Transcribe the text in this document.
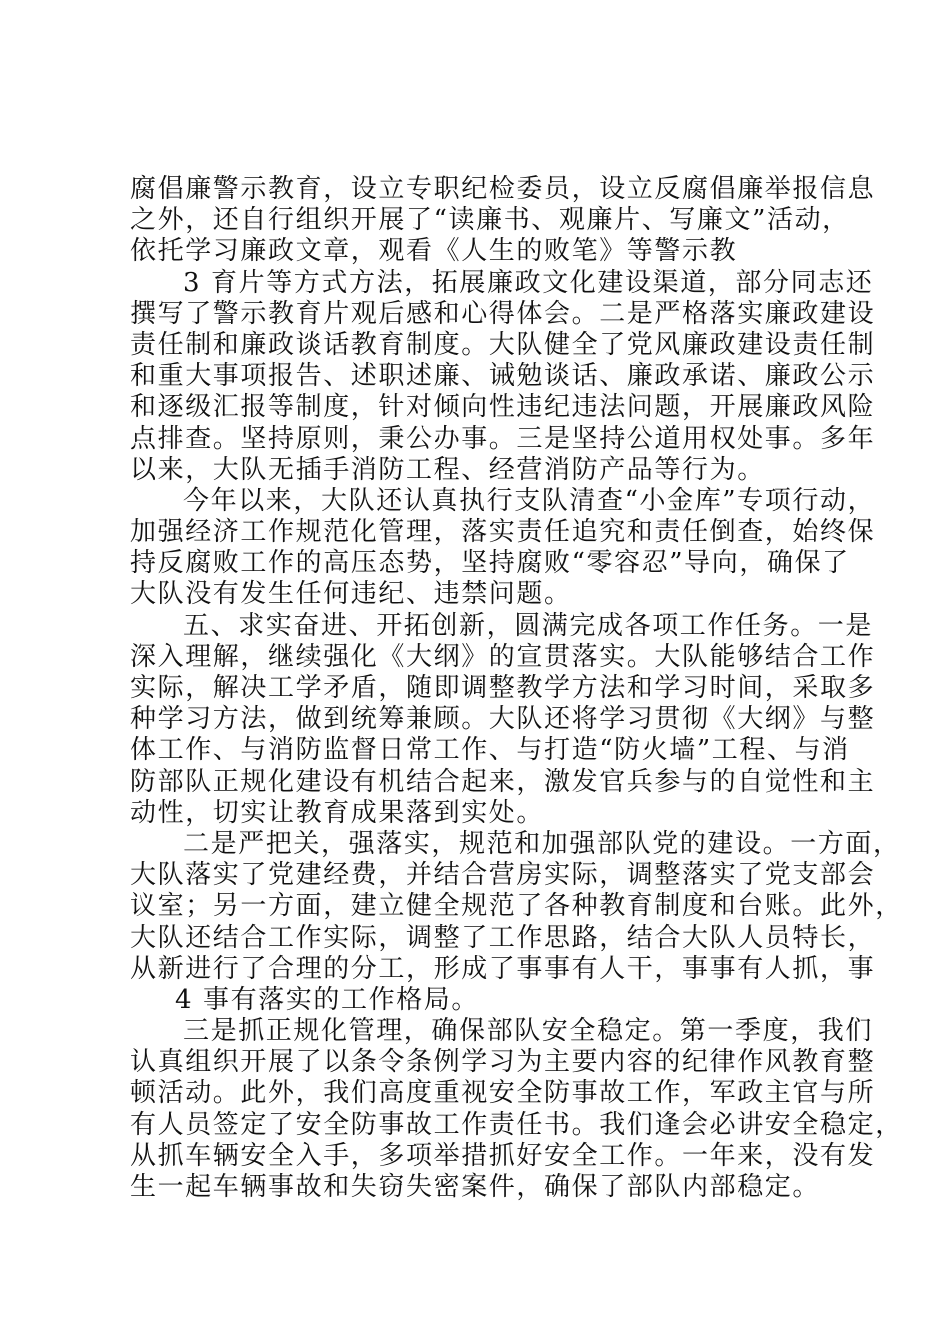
腐倡廉警示教育，设立专职纪检委员，设立反腐倡廉举报信息
之外，还自行组织开展了“读廉书、观廉片、写廉文”活动，
依托学习廉政文章，观看《人生的败笔》等警示教
3 育片等方式方法，拓展廉政文化建设渠道，部分同志还
撰写了警示教育片观后感和心得体会。二是严格落实廉政建设
责任制和廉政谈话教育制度。大队健全了党风廉政建设责任制
和重大事项报告、述职述廉、诫勉谈话、廉政承诺、廉政公示
和逐级汇报等制度，针对倾向性违纪违法问题，开展廉政风险
点排查。坚持原则，秉公办事。三是坚持公道用权处事。多年
以来，大队无插手消防工程、经营消防产品等行为。
今年以来，大队还认真执行支队清查“小金库”专项行动，
加强经济工作规范化管理，落实责任追究和责任倒查，始终保
持反腐败工作的高压态势，坚持腐败“零容忍”导向，确保了
大队没有发生任何违纪、违禁问题。
五、求实奋进、开拓创新，圆满完成各项工作任务。一是
深入理解，继续强化《大纲》的宣贯落实。大队能够结合工作
实际，解决工学矛盾，随即调整教学方法和学习时间，采取多
种学习方法，做到统筹兼顾。大队还将学习贯彻《大纲》与整
体工作、与消防监督日常工作、与打造“防火墙”工程、与消
防部队正规化建设有机结合起来，激发官兵参与的自觉性和主
动性，切实让教育成果落到实处。
二是严把关，强落实，规范和加强部队党的建设。一方面，
大队落实了党建经费，并结合营房实际，调整落实了党支部会
议室；另一方面，建立健全规范了各种教育制度和台账。此外，
大队还结合工作实际，调整了工作思路，结合大队人员特长，
从新进行了合理的分工，形成了事事有人干，事事有人抓，事
4 事有落实的工作格局。
三是抓正规化管理，确保部队安全稳定。第一季度，我们
认真组织开展了以条令条例学习为主要内容的纪律作风教育整
顿活动。此外，我们高度重视安全防事故工作，军政主官与所
有人员签定了安全防事故工作责任书。我们逢会必讲安全稳定，
从抓车辆安全入手，多项举措抓好安全工作。一年来，没有发
生一起车辆事故和失窃失密案件，确保了部队内部稳定。
